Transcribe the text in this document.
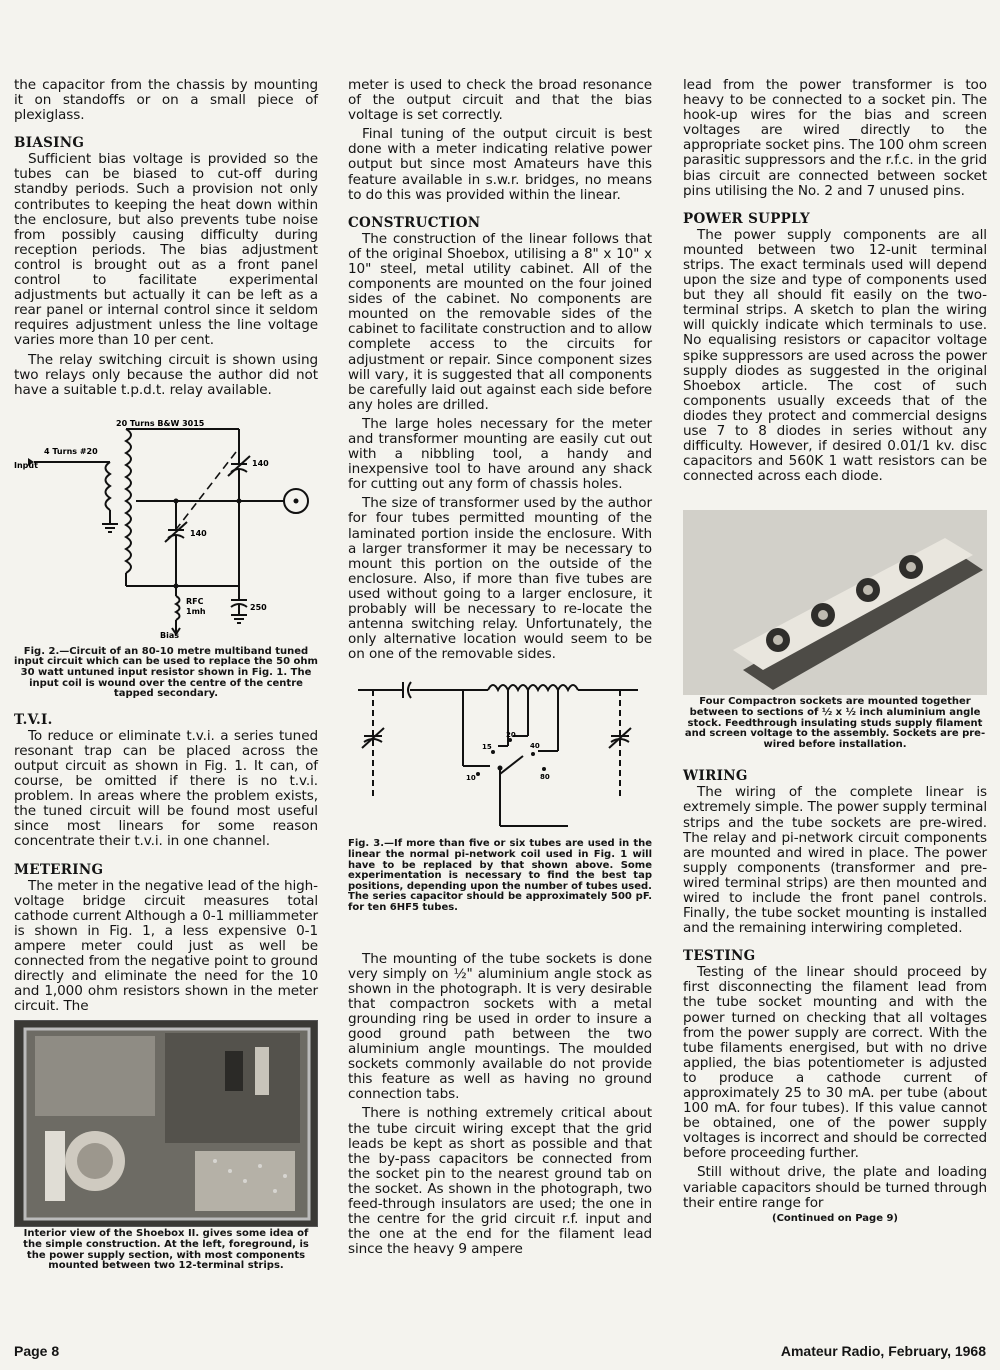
the capacitor from the chassis by mounting it on standoffs or on a small piece of plexiglass.

BIASING

Sufficient bias voltage is provided so the tubes can be biased to cut-off during standby periods. Such a provision not only contributes to keeping the heat down within the enclosure, but also prevents tube noise from possibly causing difficulty during reception periods. The bias adjustment control is brought out as a front panel control to facilitate experimental adjustments but actually it can be left as a rear panel or internal control since it seldom requires adjustment unless the line voltage varies more than 10 per cent.

The relay switching circuit is shown using two relays only because the author did not have a suitable t.p.d.t. relay available.

20 Turns B&W 3015
4 Turns #20
Input	140
140
RFC
1mh	250
Bias
Fig. 2.—Circuit of an 80-10 metre multiband tuned input circuit which can be used to replace the 50 ohm 30 watt untuned input resistor shown in Fig. 1. The input coil is wound over the centre of the centre tapped secondary.
T.V.I.

To reduce or eliminate t.v.i. a series tuned resonant trap can be placed across the output circuit as shown in Fig. 1. It can, of course, be omitted if there is no t.v.i. problem. In areas where the problem exists, the tuned circuit will be found most useful since most linears for some reason concentrate their t.v.i. in one channel.

METERING

The meter in the negative lead of the high-voltage bridge circuit measures total cathode current Although a 0-1 milliammeter is shown in Fig. 1, a less expensive 0-1 ampere meter could just as well be connected from the negative point to ground directly and eliminate the need for the 10 and 1,000 ohm resistors shown in the meter circuit. The

Interior view of the Shoebox II. gives some idea of the simple construction. At the left, foreground, is the power supply section, with most components mounted between two 12-terminal strips.

meter is used to check the broad resonance of the output circuit and that the bias voltage is set correctly.

Final tuning of the output circuit is best done with a meter indicating relative power output but since most Amateurs have this feature available in s.w.r. bridges, no means to do this was provided within the linear.

CONSTRUCTION

The construction of the linear follows that of the original Shoebox, utilising a 8" x 10" x 10" steel, metal utility cabinet. All of the components are mounted on the four joined sides of the cabinet. No components are mounted on the removable sides of the cabinet to facilitate construction and to allow complete access to the circuits for adjustment or repair. Since component sizes will vary, it is suggested that all components be carefully laid out against each side before any holes are drilled.

The large holes necessary for the meter and transformer mounting are easily cut out with a nibbling tool, a handy and inexpensive tool to have around any shack for cutting out any form of chassis holes.

The size of transformer used by the author for four tubes permitted mounting of the laminated portion inside the enclosure. With a larger transformer it may be necessary to mount this portion on the outside of the enclosure. Also, if more than five tubes are used without going to a larger enclosure, it probably will be necessary to re-locate the antenna switching relay. Unfortunately, the only alternative location would seem to be on one of the removable sides.

15
20
40
10	80
Fig. 3.—If more than five or six tubes are used in the linear the normal pi-network coil used in Fig. 1 will have to be replaced by that shown above. Some experimentation is necessary to find the best tap positions, depending upon the number of tubes used. The series capacitor should be approximately 500 pF. for ten 6HF5 tubes.

The mounting of the tube sockets is done very simply on ½" aluminium angle stock as shown in the photograph. It is very desirable that compactron sockets with a metal grounding ring be used in order to insure a good ground path between the two aluminium angle mountings. The moulded sockets commonly available do not provide this feature as well as having no ground connection tabs.

There is nothing extremely critical about the tube circuit wiring except that the grid leads be kept as short as possible and that the by-pass capacitors be connected from the socket pin to the nearest ground tab on the socket. As shown in the photograph, two feed-through insulators are used; the one in the centre for the grid circuit r.f. input and the one at the end for the filament lead since the heavy 9 ampere

lead from the power transformer is too heavy to be connected to a socket pin. The hook-up wires for the bias and screen voltages are wired directly to the appropriate socket pins. The 100 ohm screen parasitic suppressors and the r.f.c. in the grid bias circuit are connected between socket pins utilising the No. 2 and 7 unused pins.

POWER SUPPLY

The power supply components are all mounted between two 12-unit terminal strips. The exact terminals used will depend upon the size and type of components used but they all should fit easily on the two-terminal strips. A sketch to plan the wiring will quickly indicate which terminals to use. No equalising resistors or capacitor voltage spike suppressors are used across the power supply diodes as suggested in the original Shoebox article. The cost of such components usually exceeds that of the diodes they protect and commercial designs use 7 to 8 diodes in series without any difficulty. However, if desired 0.01/1 kv. disc capacitors and 560K 1 watt resistors can be connected across each diode.

Four Compactron sockets are mounted together between to sections of ½ x ½ inch aluminium angle stock. Feedthrough insulating studs supply filament and screen voltage to the assembly. Sockets are pre-wired before installation.
WIRING

The wiring of the complete linear is extremely simple. The power supply terminal strips and the tube sockets are pre-wired. The relay and pi-network circuit components are mounted and wired in place. The power supply components (transformer and pre-wired terminal strips) are then mounted and wired to include the front panel controls. Finally, the tube socket mounting is installed and the remaining interwiring completed.

TESTING

Testing of the linear should proceed by first disconnecting the filament lead from the tube socket mounting and with the power turned on checking that all voltages from the power supply are correct. With the tube filaments energised, but with no drive applied, the bias potentiometer is adjusted to produce a cathode current of approximately 25 to 30 mA. per tube (about 100 mA. for four tubes). If this value cannot be obtained, one of the power supply voltages is incorrect and should be corrected before proceeding further.

Still without drive, the plate and loading variable capacitors should be turned through their entire range for

(Continued on Page 9)
Page 8	Amateur Radio, February, 1968
